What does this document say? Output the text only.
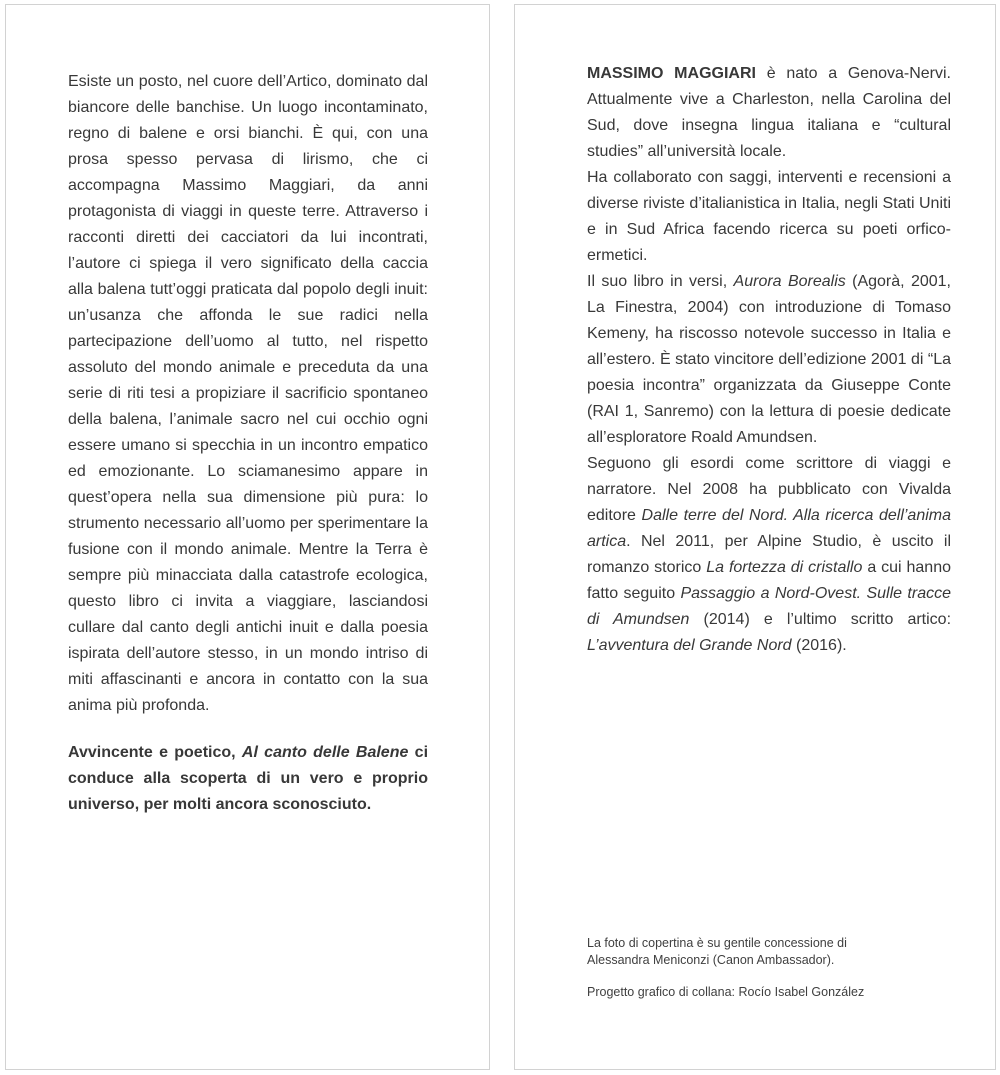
Esiste un posto, nel cuore dell’Artico, dominato dal biancore delle banchise. Un luogo incontaminato, regno di balene e orsi bianchi. È qui, con una prosa spesso pervasa di lirismo, che ci accompagna Massimo Maggiari, da anni protagonista di viaggi in queste terre. Attraverso i racconti diretti dei cacciatori da lui incontrati, l’autore ci spiega il vero significato della caccia alla balena tutt’oggi praticata dal popolo degli inuit: un’usanza che affonda le sue radici nella partecipazione dell’uomo al tutto, nel rispetto assoluto del mondo animale e preceduta da una serie di riti tesi a propiziare il sacrificio spontaneo della balena, l’animale sacro nel cui occhio ogni essere umano si specchia in un incontro empatico ed emozionante. Lo sciamanesimo appare in quest’opera nella sua dimensione più pura: lo strumento necessario all’uomo per sperimentare la fusione con il mondo animale. Mentre la Terra è sempre più minacciata dalla catastrofe ecologica, questo libro ci invita a viaggiare, lasciandosi cullare dal canto degli antichi inuit e dalla poesia ispirata dell’autore stesso, in un mondo intriso di miti affascinanti e ancora in contatto con la sua anima più profonda.

Avvincente e poetico, Al canto delle Balene ci conduce alla scoperta di un vero e proprio universo, per molti ancora sconosciuto.

MASSIMO MAGGIARI è nato a Genova-Nervi. Attualmente vive a Charleston, nella Carolina del Sud, dove insegna lingua italiana e “cultural studies” all’università locale.

Ha collaborato con saggi, interventi e recensioni a diverse riviste d’italianistica in Italia, negli Stati Uniti e in Sud Africa facendo ricerca su poeti orfico-ermetici.

Il suo libro in versi, Aurora Borealis (Agorà, 2001, La Finestra, 2004) con introduzione di Tomaso Kemeny, ha riscosso notevole successo in Italia e all’estero. È stato vincitore dell’edizione 2001 di “La poesia incontra” organizzata da Giuseppe Conte (RAI 1, Sanremo) con la lettura di poesie dedicate all’esploratore Roald Amundsen.

Seguono gli esordi come scrittore di viaggi e narratore. Nel 2008 ha pubblicato con Vivalda editore Dalle terre del Nord. Alla ricerca dell’anima artica. Nel 2011, per Alpine Studio, è uscito il romanzo storico La fortezza di cristallo a cui hanno fatto seguito Passaggio a Nord-Ovest. Sulle tracce di Amundsen (2014) e l’ultimo scritto artico: L’avventura del Grande Nord (2016).

La foto di copertina è su gentile concessione di Alessandra Meniconzi (Canon Ambassador).

Progetto grafico di collana: Rocío Isabel González
